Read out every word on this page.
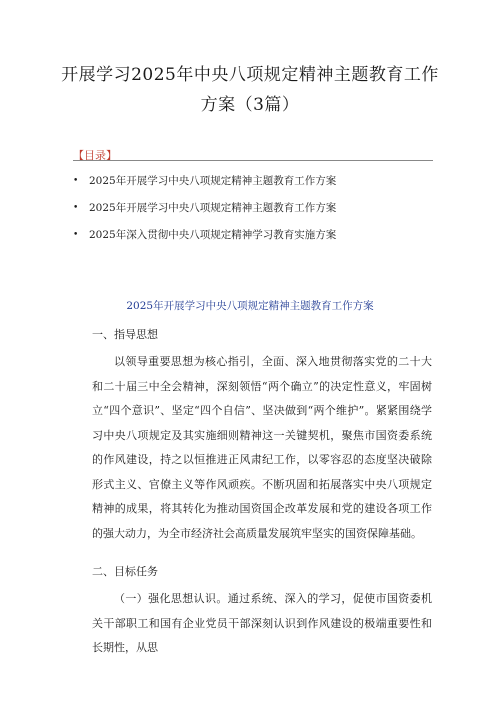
开展学习2025年中央八项规定精神主题教育工作方案（3篇）
【目录】
• 2025年开展学习中央八项规定精神主题教育工作方案
• 2025年开展学习中央八项规定精神主题教育工作方案
• 2025年深入贯彻中央八项规定精神学习教育实施方案
2025年开展学习中央八项规定精神主题教育工作方案
一、指导思想
以领导重要思想为核心指引，全面、深入地贯彻落实党的二十大和二十届三中全会精神，深刻领悟“两个确立”的决定性意义，牢固树立“四个意识”、坚定“四个自信”、坚决做到“两个维护”。紧紧围绕学习中央八项规定及其实施细则精神这一关键契机，聚焦市国资委系统的作风建设，持之以恒推进正风肃纪工作，以零容忍的态度坚决破除形式主义、官僚主义等作风顽疾。不断巩固和拓展落实中央八项规定精神的成果，将其转化为推动国资国企改革发展和党的建设各项工作的强大动力，为全市经济社会高质量发展筑牢坚实的国资保障基础。
二、目标任务
（一）强化思想认识。通过系统、深入的学习，促使市国资委机关干部职工和国有企业党员干部深刻认识到作风建设的极端重要性和长期性，从思
